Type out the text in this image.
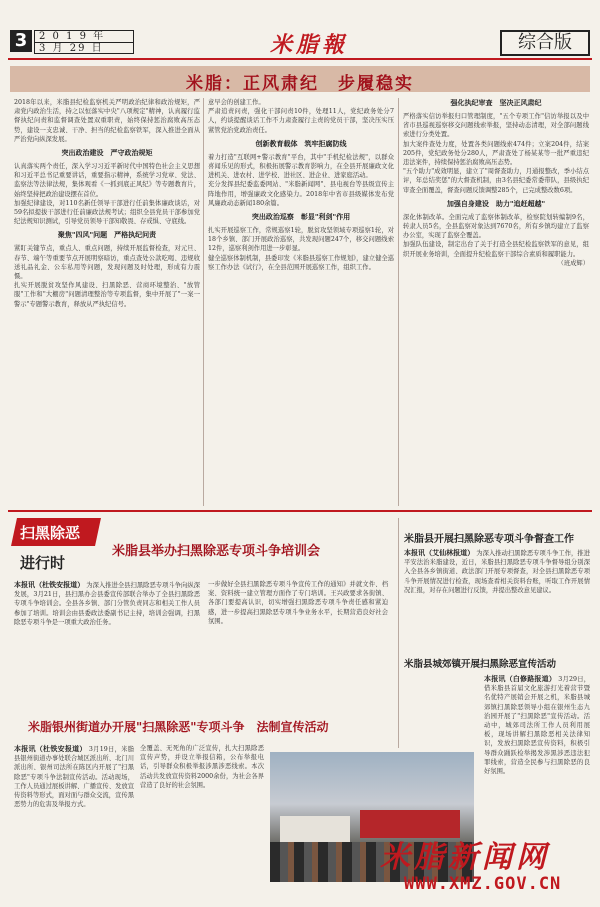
3	2 0 1 9 年
3 月 29 日	米脂報	综合版
米脂：正风肃纪　步履稳实

2018年以来，米脂县纪检监察机关严明政治纪律和政治规矩，严肃党内政治生活，持之以恒落实中央"八项规定"精神，认真履行监督执纪问责和监督调查处置双重职责，始终保持惩治腐败高压态势，建设一支忠诚、干净、担当的纪检监察铁军，深入推进全面从严治党向纵深发展。

突出政治建设　严守政治规矩

认真落实两个责任，深入学习习近平新时代中国特色社会主义思想和习近平总书记重要讲话，重要指示精神，系统学习党章、党法、监察法等法律法规，集体观看《一抓到底正风纪》等专题教育片，始终坚持把政治建设摆在首位。

加强纪律建设，对110名新任领导干部进行任前集体廉政谈话，对59名拟提拔干部进行任前廉政法规考试；组织全县党员干部参加党纪法规知识测试，引导党员领导干部知敬畏、存戒惧、守底线。

聚焦"四风"问题　严格执纪问责

紧盯关键节点，重点人、重点问题，持续开展监督检查，对元旦、春节、端午等重要节点开展明察暗访，重点查处公款吃喝、违规收送礼品礼金、公车私用等问题，发现问题及时处理，形成有力震慑。

扎实开展脱贫攻坚作风建设、扫黑除恶、营商环境整治、"放管服"工作和"大棚房"问题清理整治等专项监督，集中开展了"一案一警示"专题警示教育，释放从严执纪信号。

意早会的创建工作。

严肃追责问责，强化干部问责10件，处理11人，党纪政务处分7人，约谈提醒谈话工作不力肃查履行主责的党员干部，坚决压实压紧管党治党政治责任。

创新教育载体　筑牢拒腐防线

着力打造"互联网+警示教育"平台，其中"手机纪检法规"，以群众喜闻乐见的形式，积极拓展警示教育影响力，在全县开展廉政文化进机关、进农村、进学校、进社区、进企业、进家庭活动。

充分发挥县纪委监委网站、"米脂新闻网"、县电视台等县级宣传主阵地作用，增强廉政文化感染力。2018年中省市县级媒体发布党风廉政动态新闻180余篇。

突出政治巡察　彰显"利剑"作用

扎实开展巡察工作，常规巡察1轮，脱贫攻坚领域专项巡察1轮，对18个乡镇、部门开展政治巡察，共发现问题247个，移交问题线索12件，巡察利剑作用进一步彰显。

健全巡察体制机制，县委印发《米脂县巡察工作规划》，建立健全巡察工作办法《试行》，在全县范围开展巡察工作，组织工作。

强化执纪审查　坚决正风肃纪

严格落实信访举报归口管理制度，"五个专项工作"信访举报以及中省市县巡视巡察移交问题线索举报，坚持动态清理，对全部问题线索进行分类处置。

加大案件查处力度，处置各类问题线索474件；立案204件，结案205件，党纪政务处分280人，严肃查处了杨某某等一批严重违纪违法案件，持续保持惩治腐败高压态势。

"五个助力"成效明显，建立了"周督查助力，月通报整改，季小结点评，年总结奖惩"的大督查机制，由3名县纪委常委带队，县级执纪审查全面覆盖，督查问题反馈调整285个，已完成整改数6项。

加强自身建设　助力"追赶超越"

深化体制改革。全面完成了监察体制改革，检察院划转编制9名，转隶人员5名，全县监察对象达到7670名，所有乡镇均建立了监察办公室，实现了监察全覆盖。

加强队伍建设，制定出台了关于打造全县纪检监察铁军的意见，组织开展业务培训，全面提升纪检监察干部综合素质和履职能力。

（班成辉）

扫黑除恶
进行时
米脂县举办扫黑除恶专项斗争培训会
本报讯（杜铁安报道） 为深入推进全县扫黑除恶专项斗争向纵深发展，3月21日，县扫黑办会县委宣传部联合举办了全县扫黑除恶专项斗争培训会。全县各乡镇、部门分管负责同志和相关工作人员参加了培训。培训会由县委政法委副书记主持，培训会强调，扫黑除恶专项斗争是一项重大政治任务。

一步做好全县扫黑除恶专项斗争宣传工作的通知》并就文件、档案、资料统一建立管理方面作了专门培训。王兴政要求各街镇、各部门要提高认识，切实增强扫黑除恶专项斗争责任感和紧迫感，进一步提高扫黑除恶专项斗争业务水平，长期营造良好社会氛围。

米脂银州街道办开展"扫黑除恶"专项斗争　法制宣传活动
本报讯（杜铁安报道） 3月19日，米脂县银州街道办事处联合城区派出所、北门川派出所、银州司法所在陈区内开展了"扫黑除恶"专项斗争法制宣传活动。活动现场，工作人员通过展板讲解、广播宣传、发放宣传资料等形式，面对面与群众交流，宣传黑恶势力的危害及举报方式。

全覆盖、无死角的广泛宣传，扎大扫黑除恶宣传声势，并设立举报信箱，公布举报电话，引导群众积极举报涉黑涉恶线索。本次活动共发放宣传资料2000余份，为社会各界营造了良好的社会氛围。

米脂县开展扫黑除恶专项斗争督查工作
本报讯（艾仙林报道） 为深入推动扫黑除恶专项斗争工作，推进平安法治米脂建设，近日，米脂县扫黑除恶专项斗争督导组分别深入全县各乡镇街道、政法部门开展专项督查，对全县扫黑除恶专项斗争开展情况进行检查，现场查看相关资料台账，听取工作开展情况汇报，对存在问题进行反馈，并提出整改意见建议。
米脂县城郊镇开展扫黑除恶宣传活动
本报讯（白修路报道） 3月29日，借米脂县首届文化旅游打光着营节暨名优特产展销会开展之机，米脂县城郊镇扫黑除恶领导小组在银州生态九治园开展了"扫黑除恶"宣传活动。活动中，城郊司法所工作人员利用展板，现场讲解扫黑除恶相关法律知识，发放扫黑除恶宣传资料，积极引导群众踊跃检举揭发涉黑涉恶违法犯罪线索，营造全民参与扫黑除恶的良好氛围。
米脂新闻网
WWW.XMZ.GOV.CN
